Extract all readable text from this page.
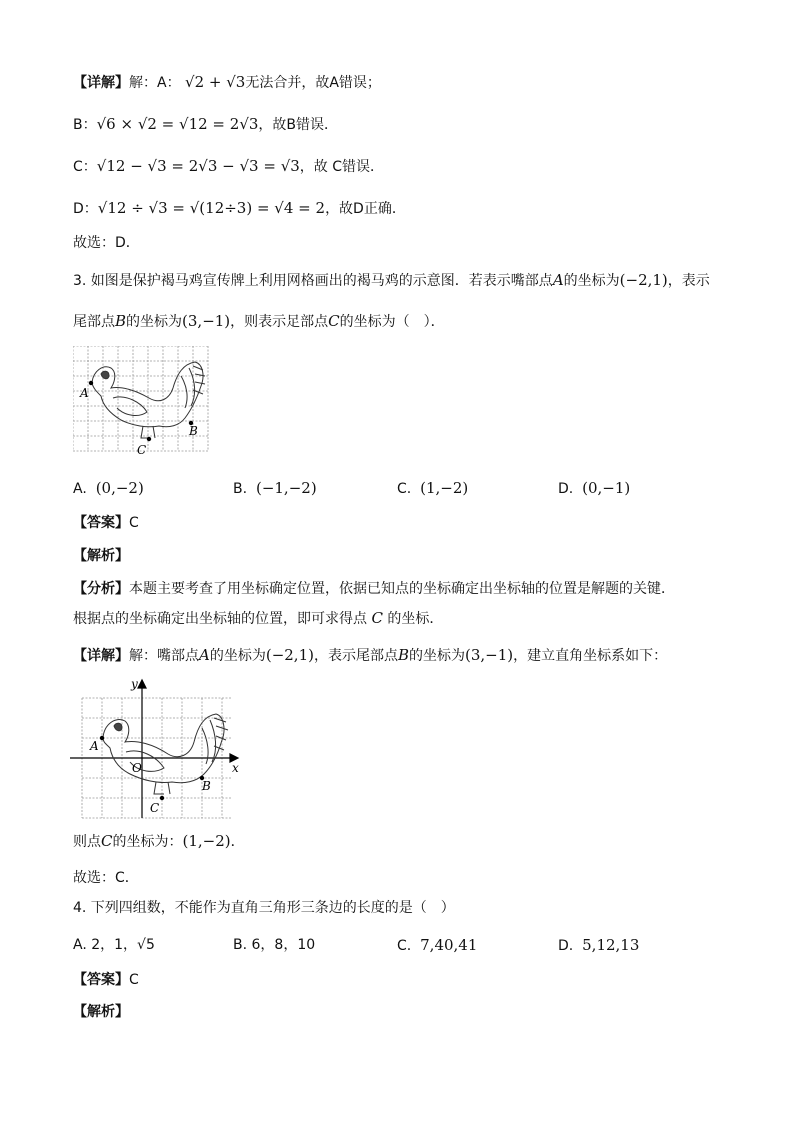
【详解】解：A： √2 + √3无法合并，故A错误；
B：√6 × √2 = √12 = 2√3，故B错误．
C：√12 − √3 = 2√3 − √3 = √3，故 C错误．
D：√12 ÷ √3 = √(12÷3) = √4 = 2，故D正确．
故选：D．
3. 如图是保护褐马鸡宣传牌上利用网格画出的褐马鸡的示意图．若表示嘴部点A的坐标为(−2,1)，表示
尾部点B的坐标为(3,−1)，则表示足部点C的坐标为（　）．
A
B
C
A. (0,−2)	B. (−1,−2)	C. (1,−2)	D. (0,−1)
【答案】C
【解析】
【分析】本题主要考查了用坐标确定位置，依据已知点的坐标确定出坐标轴的位置是解题的关键．
根据点的坐标确定出坐标轴的位置，即可求得点 C 的坐标．
【详解】解：嘴部点A的坐标为(−2,1)，表示尾部点B的坐标为(3,−1)，建立直角坐标系如下：
y
x
O
A
B
C
则点C的坐标为：(1,−2)．
故选：C．
4. 下列四组数，不能作为直角三角形三条边的长度的是（　）
A. 2，1，√5	B. 6，8，10	C. 7,40,41	D. 5,12,13
【答案】C
【解析】
